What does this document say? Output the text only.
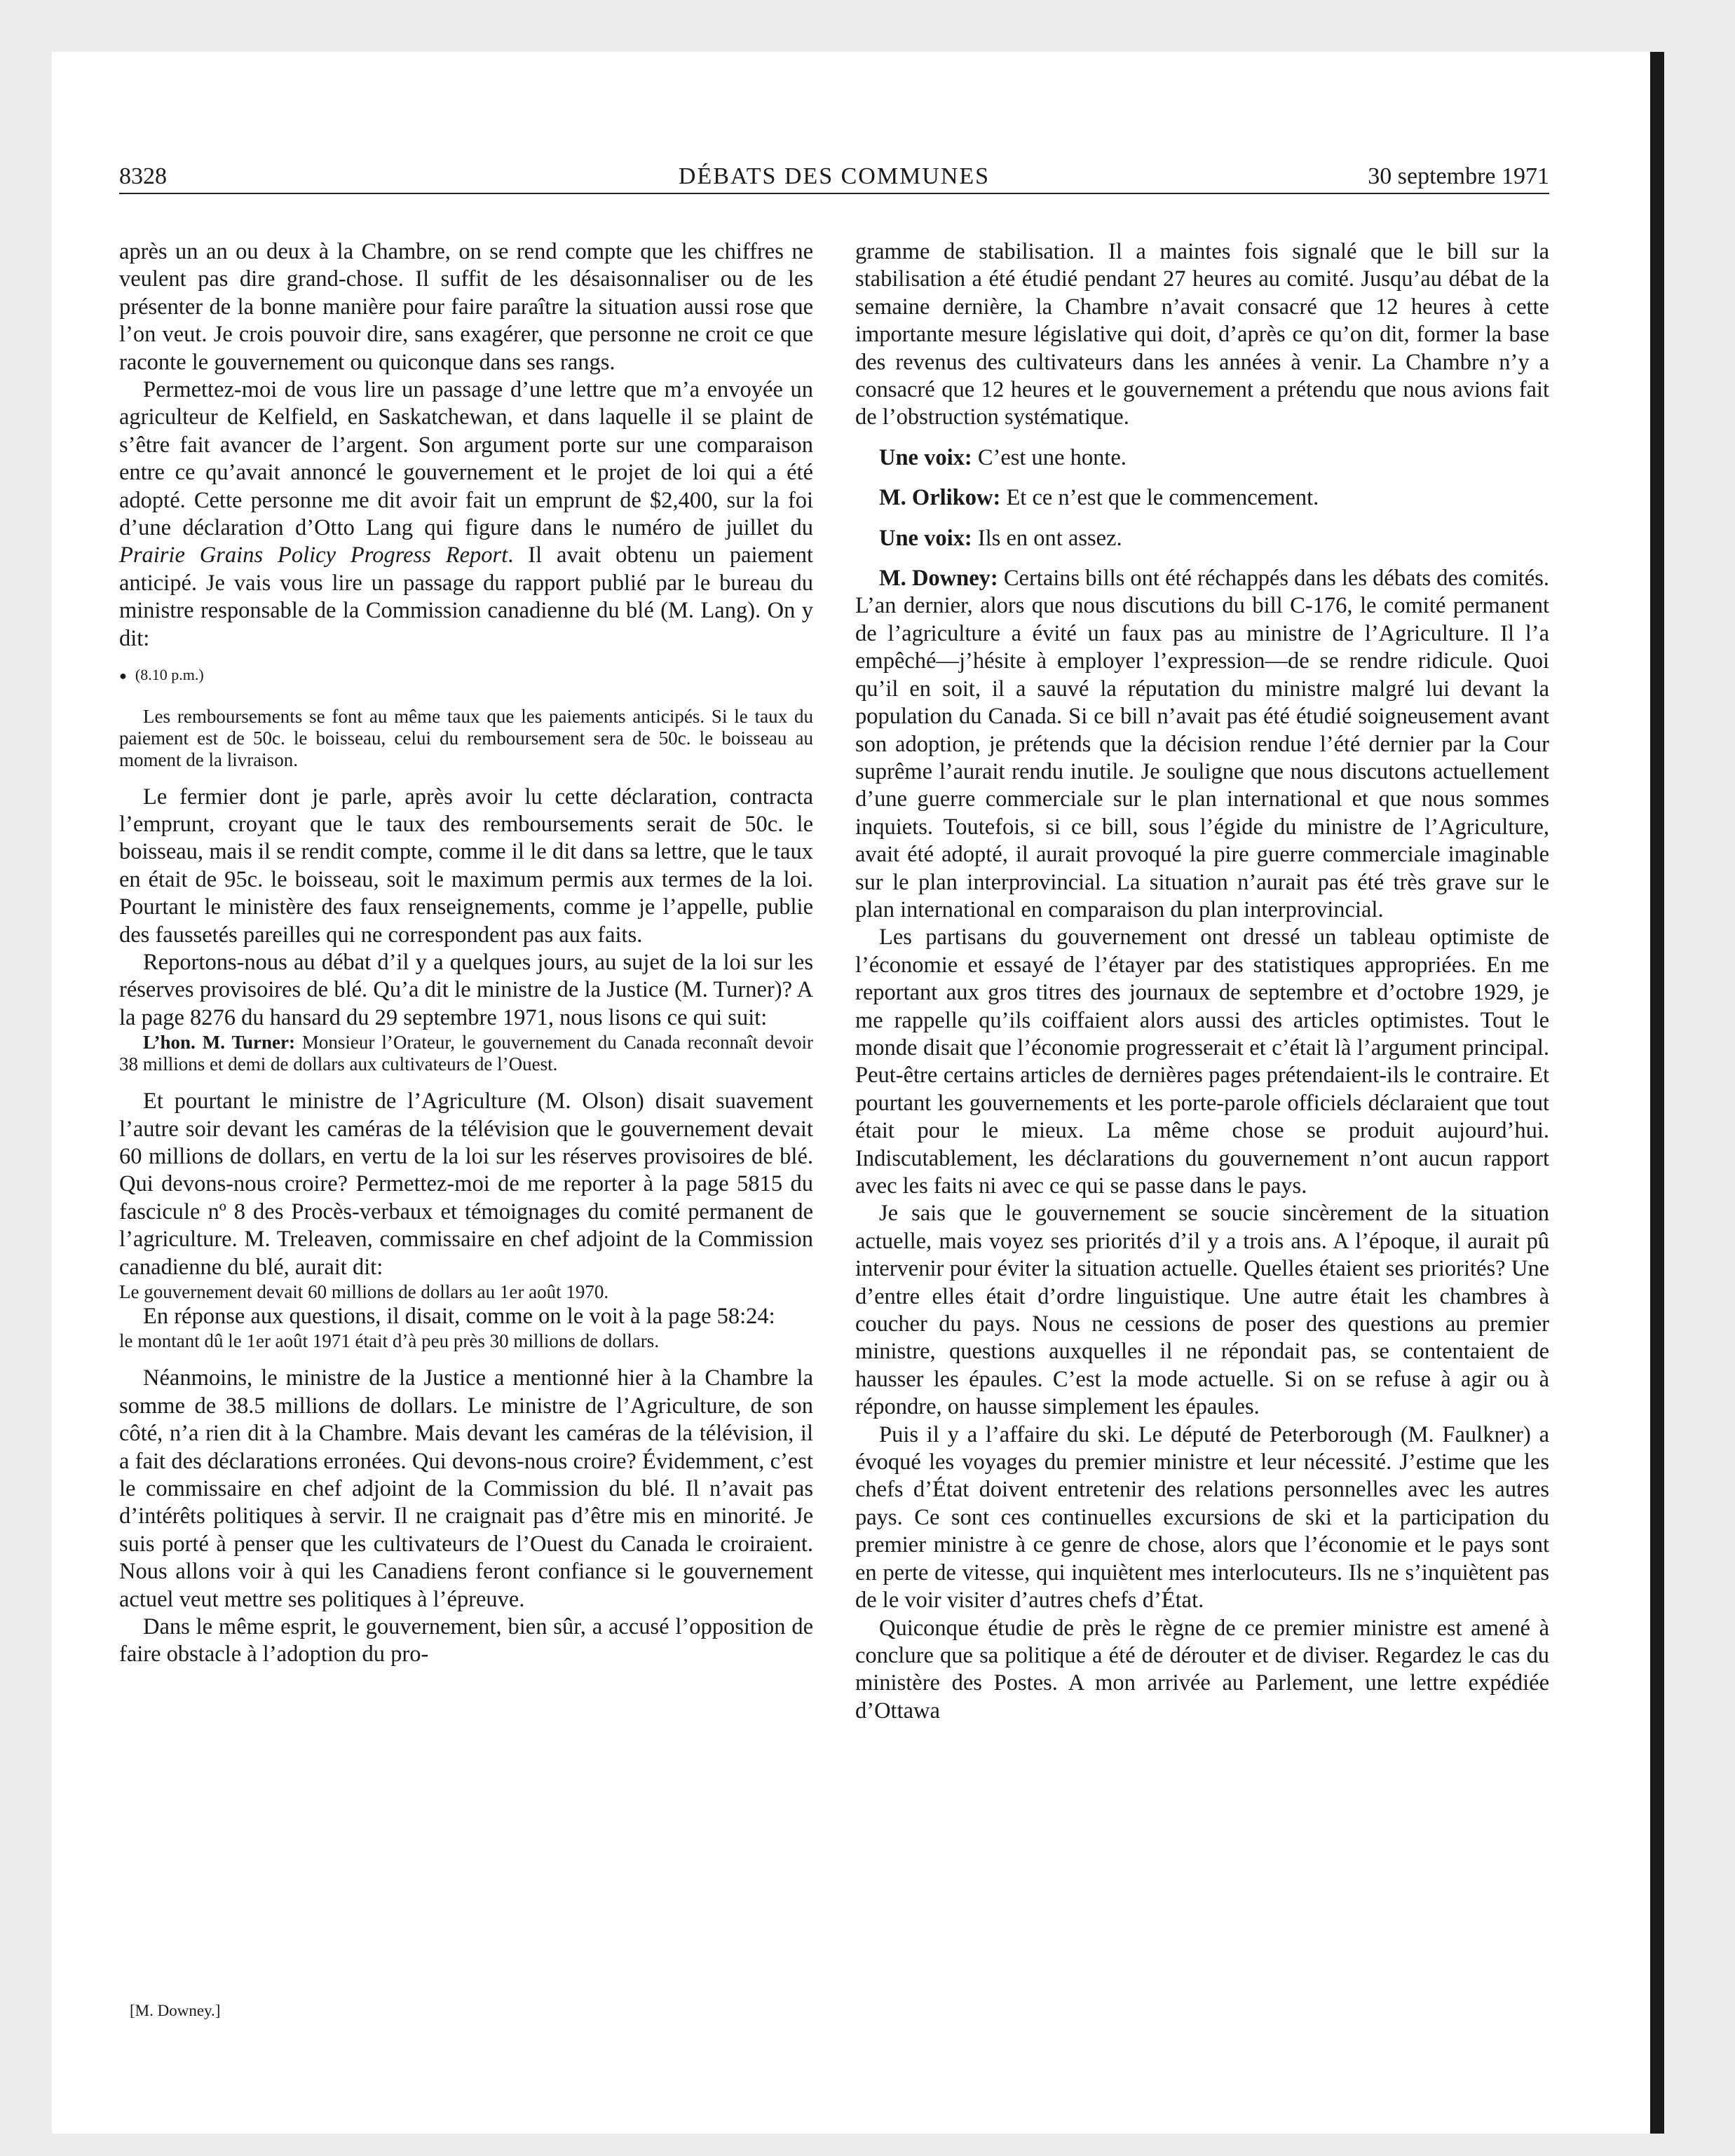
8328	DÉBATS DES COMMUNES	30 septembre 1971

après un an ou deux à la Chambre, on se rend compte que les chiffres ne veulent pas dire grand-chose. Il suffit de les désaisonnaliser ou de les présenter de la bonne manière pour faire paraître la situation aussi rose que l’on veut. Je crois pouvoir dire, sans exagérer, que personne ne croit ce que raconte le gouvernement ou quiconque dans ses rangs.

Permettez-moi de vous lire un passage d’une lettre que m’a envoyée un agriculteur de Kelfield, en Saskatchewan, et dans laquelle il se plaint de s’être fait avancer de l’argent. Son argument porte sur une comparaison entre ce qu’avait annoncé le gouvernement et le projet de loi qui a été adopté. Cette personne me dit avoir fait un emprunt de $2,400, sur la foi d’une déclaration d’Otto Lang qui figure dans le numéro de juillet du Prairie Grains Policy Progress Report. Il avait obtenu un paiement anticipé. Je vais vous lire un passage du rapport publié par le bureau du ministre responsable de la Commission canadienne du blé (M. Lang). On y dit:

● (8.10 p.m.)

Les remboursements se font au même taux que les paiements anticipés. Si le taux du paiement est de 50c. le boisseau, celui du remboursement sera de 50c. le boisseau au moment de la livraison.

Le fermier dont je parle, après avoir lu cette déclaration, contracta l’emprunt, croyant que le taux des remboursements serait de 50c. le boisseau, mais il se rendit compte, comme il le dit dans sa lettre, que le taux en était de 95c. le boisseau, soit le maximum permis aux termes de la loi. Pourtant le ministère des faux renseignements, comme je l’appelle, publie des faussetés pareilles qui ne correspondent pas aux faits.

Reportons-nous au débat d’il y a quelques jours, au sujet de la loi sur les réserves provisoires de blé. Qu’a dit le ministre de la Justice (M. Turner)? A la page 8276 du hansard du 29 septembre 1971, nous lisons ce qui suit:

L’hon. M. Turner: Monsieur l’Orateur, le gouvernement du Canada reconnaît devoir 38 millions et demi de dollars aux cultivateurs de l’Ouest.

Et pourtant le ministre de l’Agriculture (M. Olson) disait suavement l’autre soir devant les caméras de la télévision que le gouvernement devait 60 millions de dollars, en vertu de la loi sur les réserves provisoires de blé. Qui devons-nous croire? Permettez-moi de me reporter à la page 5815 du fascicule nº 8 des Procès-verbaux et témoignages du comité permanent de l’agriculture. M. Treleaven, commissaire en chef adjoint de la Commission canadienne du blé, aurait dit:

Le gouvernement devait 60 millions de dollars au 1er août 1970.

En réponse aux questions, il disait, comme on le voit à la page 58:24:

le montant dû le 1er août 1971 était d’à peu près 30 millions de dollars.

Néanmoins, le ministre de la Justice a mentionné hier à la Chambre la somme de 38.5 millions de dollars. Le ministre de l’Agriculture, de son côté, n’a rien dit à la Chambre. Mais devant les caméras de la télévision, il a fait des déclarations erronées. Qui devons-nous croire? Évidemment, c’est le commissaire en chef adjoint de la Commission du blé. Il n’avait pas d’intérêts politiques à servir. Il ne craignait pas d’être mis en minorité. Je suis porté à penser que les cultivateurs de l’Ouest du Canada le croiraient. Nous allons voir à qui les Canadiens feront confiance si le gouvernement actuel veut mettre ses politiques à l’épreuve.

Dans le même esprit, le gouvernement, bien sûr, a accusé l’opposition de faire obstacle à l’adoption du pro-

gramme de stabilisation. Il a maintes fois signalé que le bill sur la stabilisation a été étudié pendant 27 heures au comité. Jusqu’au débat de la semaine dernière, la Chambre n’avait consacré que 12 heures à cette importante mesure législative qui doit, d’après ce qu’on dit, former la base des revenus des cultivateurs dans les années à venir. La Chambre n’y a consacré que 12 heures et le gouvernement a prétendu que nous avions fait de l’obstruction systématique.

Une voix: C’est une honte.

M. Orlikow: Et ce n’est que le commencement.

Une voix: Ils en ont assez.

M. Downey: Certains bills ont été réchappés dans les débats des comités. L’an dernier, alors que nous discutions du bill C-176, le comité permanent de l’agriculture a évité un faux pas au ministre de l’Agriculture. Il l’a empêché—j’hésite à employer l’expression—de se rendre ridicule. Quoi qu’il en soit, il a sauvé la réputation du ministre malgré lui devant la population du Canada. Si ce bill n’avait pas été étudié soigneusement avant son adoption, je prétends que la décision rendue l’été dernier par la Cour suprême l’aurait rendu inutile. Je souligne que nous discutons actuellement d’une guerre commerciale sur le plan international et que nous sommes inquiets. Toutefois, si ce bill, sous l’égide du ministre de l’Agriculture, avait été adopté, il aurait provoqué la pire guerre commerciale imaginable sur le plan interprovincial. La situation n’aurait pas été très grave sur le plan international en comparaison du plan interprovincial.

Les partisans du gouvernement ont dressé un tableau optimiste de l’économie et essayé de l’étayer par des statistiques appropriées. En me reportant aux gros titres des journaux de septembre et d’octobre 1929, je me rappelle qu’ils coiffaient alors aussi des articles optimistes. Tout le monde disait que l’économie progresserait et c’était là l’argument principal. Peut-être certains articles de dernières pages prétendaient-ils le contraire. Et pourtant les gouvernements et les porte-parole officiels déclaraient que tout était pour le mieux. La même chose se produit aujourd’hui. Indiscutablement, les déclarations du gouvernement n’ont aucun rapport avec les faits ni avec ce qui se passe dans le pays.

Je sais que le gouvernement se soucie sincèrement de la situation actuelle, mais voyez ses priorités d’il y a trois ans. A l’époque, il aurait pû intervenir pour éviter la situation actuelle. Quelles étaient ses priorités? Une d’entre elles était d’ordre linguistique. Une autre était les chambres à coucher du pays. Nous ne cessions de poser des questions au premier ministre, questions auxquelles il ne répondait pas, se contentaient de hausser les épaules. C’est la mode actuelle. Si on se refuse à agir ou à répondre, on hausse simplement les épaules.

Puis il y a l’affaire du ski. Le député de Peterborough (M. Faulkner) a évoqué les voyages du premier ministre et leur nécessité. J’estime que les chefs d’État doivent entretenir des relations personnelles avec les autres pays. Ce sont ces continuelles excursions de ski et la participation du premier ministre à ce genre de chose, alors que l’économie et le pays sont en perte de vitesse, qui inquiètent mes interlocuteurs. Ils ne s’inquiètent pas de le voir visiter d’autres chefs d’État.

Quiconque étudie de près le règne de ce premier ministre est amené à conclure que sa politique a été de dérouter et de diviser. Regardez le cas du ministère des Postes. A mon arrivée au Parlement, une lettre expédiée d’Ottawa

[M. Downey.]
